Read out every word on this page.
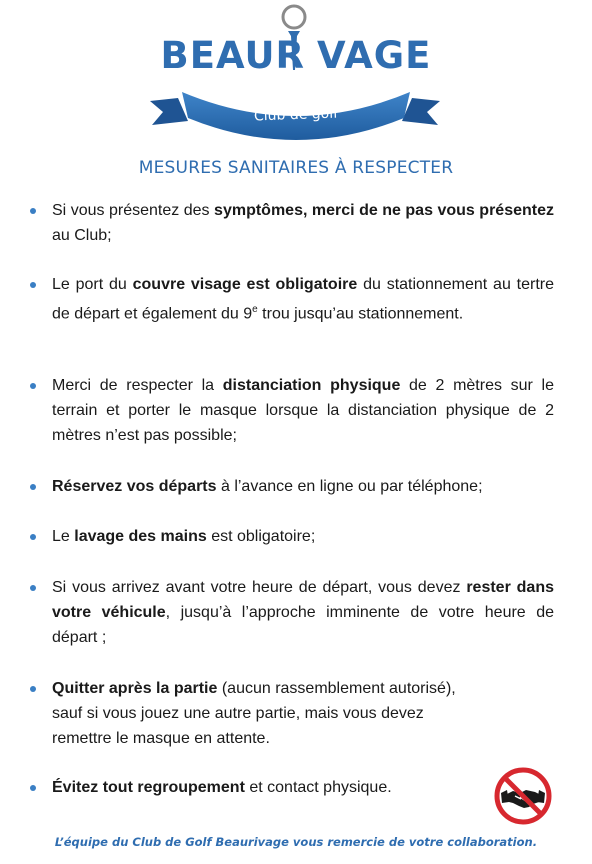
BEAUR VAGE
Club de golf
MESURES SANITAIRES À RESPECTER

Si vous présentez des symptômes, merci de ne pas vous présentez au Club;

Le port du couvre visage est obligatoire du stationnement au tertre de départ et également du 9e trou jusqu’au stationnement.

Merci de respecter la distanciation physique de 2 mètres sur le terrain et porter le masque lorsque la distanciation physique de 2 mètres n’est pas possible;

Réservez vos départs à l’avance en ligne ou par téléphone;

Le lavage des mains est obligatoire;

Si vous arrivez avant votre heure de départ, vous devez rester dans votre véhicule, jusqu’à l’approche imminente de votre heure de départ ;

Quitter après la partie (aucun rassemblement autorisé),
sauf si vous jouez une autre partie, mais vous devez
remettre le masque en attente.

Évitez tout regroupement et contact physique.

L’équipe du Club de Golf Beaurivage vous remercie de votre collaboration.
